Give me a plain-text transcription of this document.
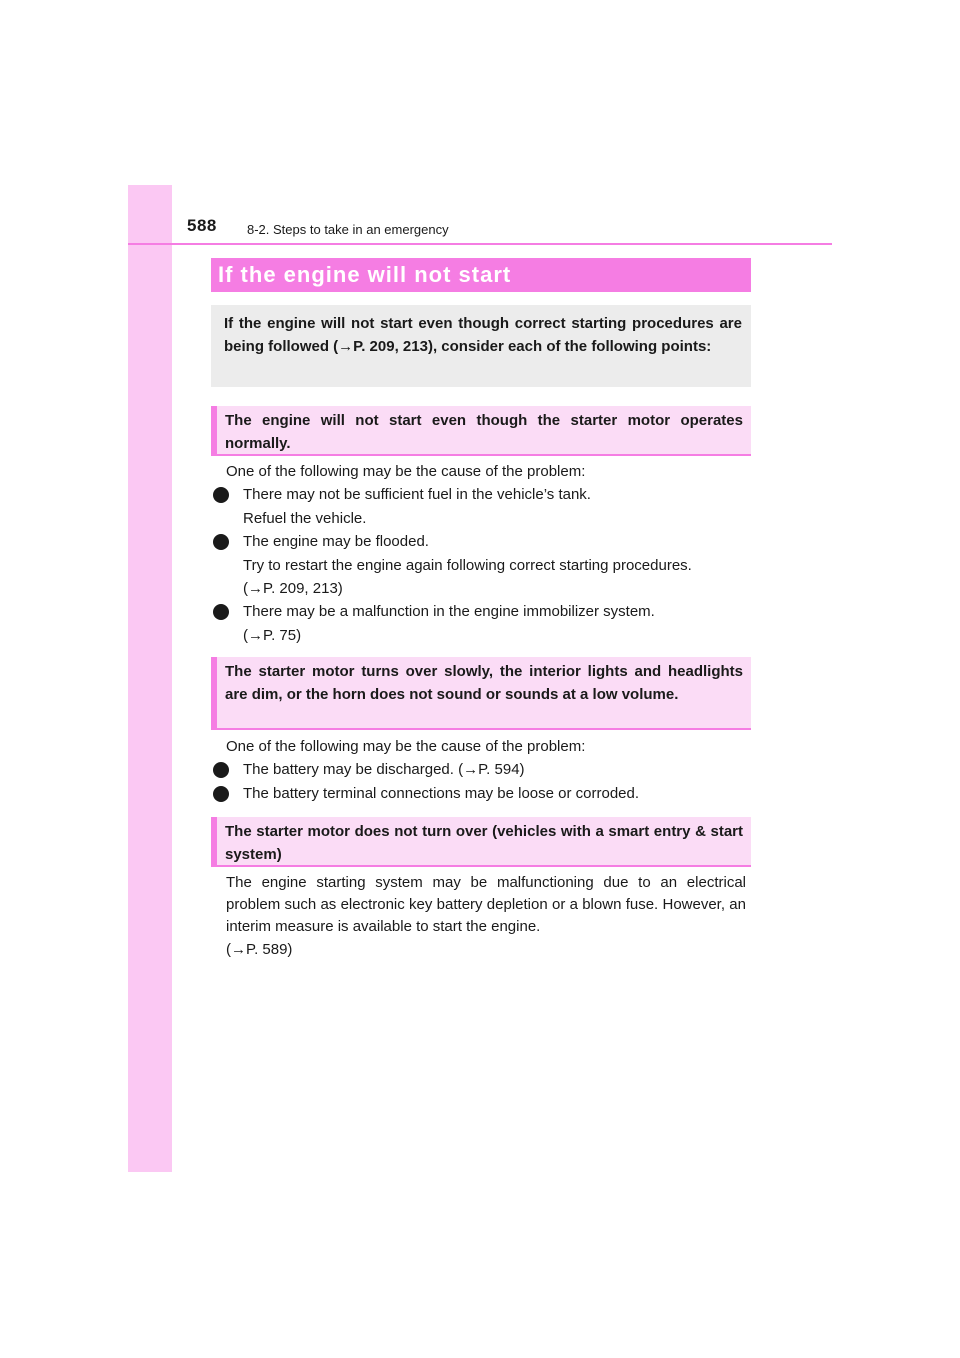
588 8-2. Steps to take in an emergency
If the engine will not start
If the engine will not start even though correct starting procedures are being followed (→P. 209, 213), consider each of the following points:
The engine will not start even though the starter motor operates normally.
One of the following may be the cause of the problem:
There may not be sufficient fuel in the vehicle’s tank.
Refuel the vehicle.
The engine may be flooded.
Try to restart the engine again following correct starting procedures.
(→P. 209, 213)
There may be a malfunction in the engine immobilizer system.
(→P. 75)
The starter motor turns over slowly, the interior lights and headlights are dim, or the horn does not sound or sounds at a low volume.
One of the following may be the cause of the problem:
The battery may be discharged. (→P. 594)
The battery terminal connections may be loose or corroded.
The starter motor does not turn over (vehicles with a smart entry & start system)
The engine starting system may be malfunctioning due to an electrical problem such as electronic key battery depletion or a blown fuse. However, an interim measure is available to start the engine.
(→P. 589)
